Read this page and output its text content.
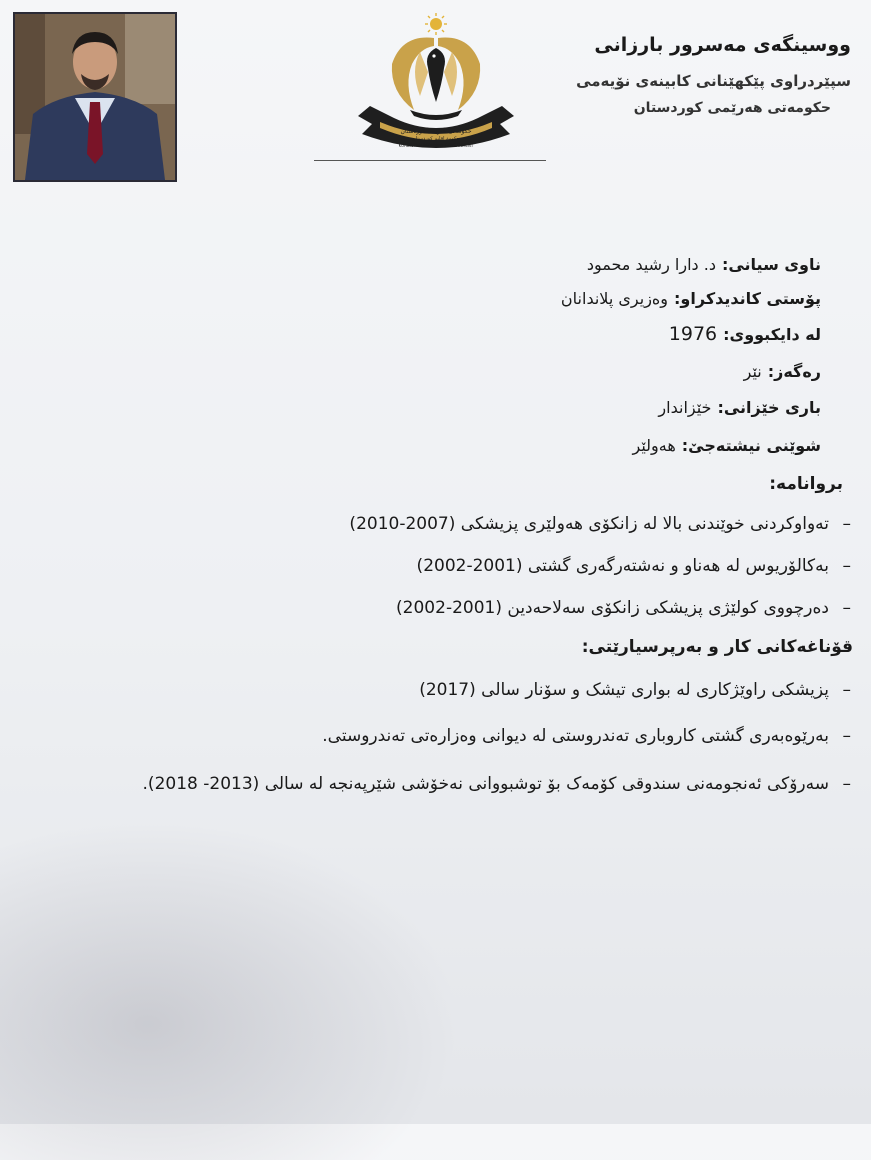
حکومەتی هەرێمی کوردستان
حكومة اقليم كوردستان
KURDISTAN REGIONAL GOVERNMENT
ووسینگەی مەسرور بارزانی
سپێردراوی پێکهێنانی کابینەی نۆیەمی
حکومەتی هەرێمی کوردستان
ناوی سیانی:د. دارا رشید محمود
پۆستی کاندیدکراو:وەزیری پلاندانان
لە دایکبووی:1976
رەگەز:نێر
باری خێزانی:خێزاندار
شوێنی نیشتەجێ:هەولێر
بروانامە:
–
تەواوکردنی خوێندنی بالا لە زانکۆی هەولێری پزیشکی (2007-2010)
–
بەکالۆریوس لە هەناو و نەشتەرگەری گشتی (2001-2002)
–
دەرچووی کولێژی پزیشکی زانکۆی سەلاحەدین (2001-2002)
قۆناغەکانی کار و بەرپرسیارێتی:
–
پزیشکی راوێژکاری لە بواری تیشک و سۆنار سالی (2017)
–
بەرێوەبەری گشتی کاروباری تەندروستی لە دیوانی وەزارەتی تەندروستی.
–
سەرۆکی ئەنجومەنی سندوقی کۆمەک بۆ توشبووانی نەخۆشی شێرپەنجە لە سالی (2013- 2018).
